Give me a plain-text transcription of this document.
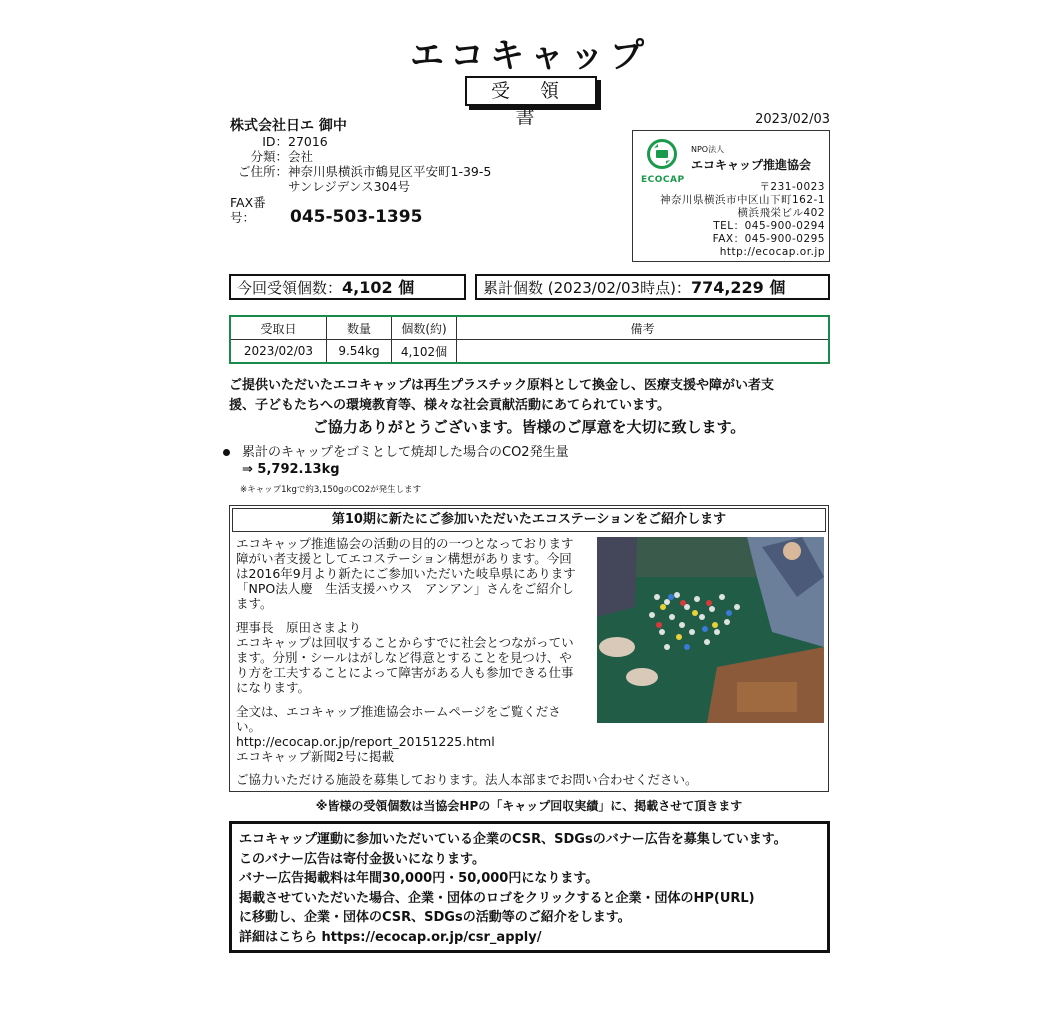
エコキャップ
受 領 書	2023/02/03
株式会社日エ 御中
ID：27016
分類：会社
ご住所：神奈川県横浜市鶴見区平安町1-39-5
サンレジデンス304号
FAX番号： 045-503-1395
ECOCAP
NPO法人
エコキャップ推進協会
〒231-0023
神奈川県横浜市中区山下町162-1
横浜飛栄ビル402
TEL：045-900-0294
FAX：045-900-0295
http://ecocap.or.jp
今回受領個数：4,102 個	累計個数 (2023/02/03時点)：774,229 個
受取日	数量	個数(約)	備考
2023/02/03	9.54kg	4,102個	
ご提供いただいたエコキャップは再生プラスチック原料として換金し、医療支援や障がい者支
援、子どもたちへの環境教育等、様々な社会貢献活動にあてられています。
ご協力ありがとうございます。皆様のご厚意を大切に致します。
累計のキャップをゴミとして焼却した場合のCO2発生量
⇒ 5,792.13kg
※キャップ1kgで約3,150gのCO2が発生します
第10期に新たにご参加いただいたエコステーションをご紹介します
エコキャップ推進協会の活動の目的の一つとなっております
障がい者支援としてエコステーション構想があります。今回
は2016年9月より新たにご参加いただいた岐阜県にあります
「NPO法人慶　生活支援ハウス　アンアン」さんをご紹介し
ます。
理事長　原田さまより
エコキャップは回収することからすでに社会とつながってい
ます。分別・シールはがしなど得意とすることを見つけ、や
り方を工夫することによって障害がある人も参加できる仕事
になります。
全文は、エコキャップ推進協会ホームページをご覧くださ
い。
http://ecocap.or.jp/report_20151225.html
エコキャップ新聞2号に掲載
ご協力いただける施設を募集しております。法人本部までお問い合わせください。
※皆様の受領個数は当協会HPの「キャップ回収実績」に、掲載させて頂きます
エコキャップ運動に参加いただいている企業のCSR、SDGsのバナー広告を募集しています。
このバナー広告は寄付金扱いになります。
バナー広告掲載料は年間30,000円・50,000円になります。
掲載させていただいた場合、企業・団体のロゴをクリックすると企業・団体のHP(URL)
に移動し、企業・団体のCSR、SDGsの活動等のご紹介をします。
詳細はこちら https://ecocap.or.jp/csr_apply/
